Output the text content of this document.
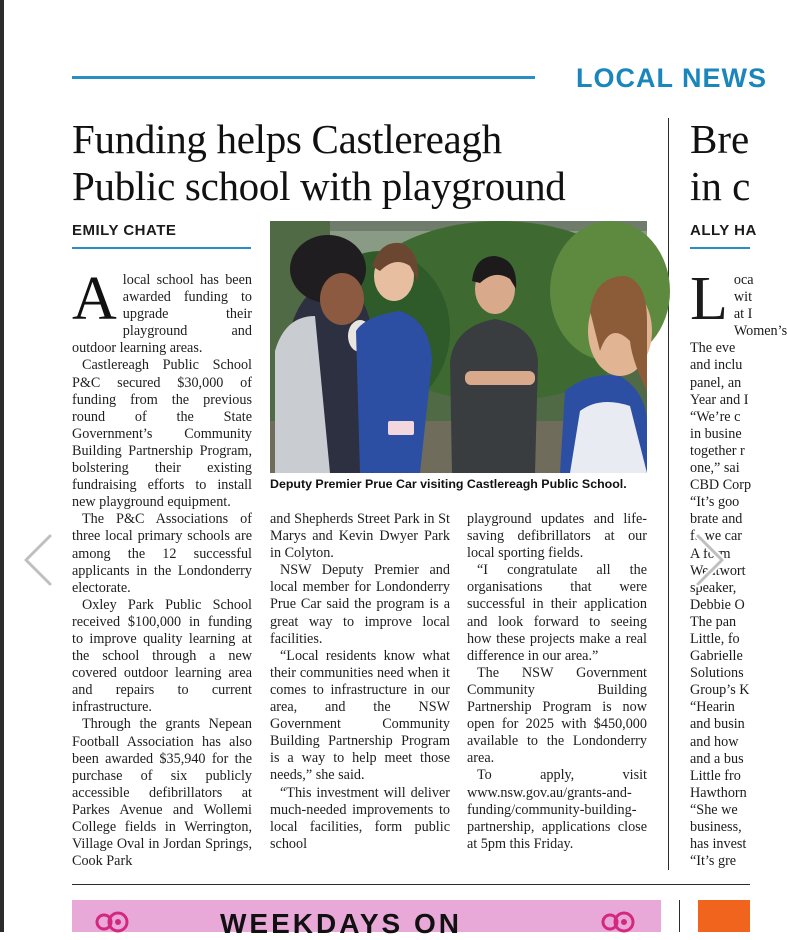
LOCAL NEWS
Funding helps Castlereagh
Public school with playground
EMILY CHATE
Deputy Premier Prue Car visiting Castlereagh Public School.

Alocal school has been awarded funding to upgrade their playground and outdoor learning areas.

Castlereagh Public School P&C secured $30,000 of funding from the previous round of the State Government’s Community Building Partnership Program, bolstering their existing fundraising efforts to install new playground equipment.

The P&C Associations of three local primary schools are among the 12 successful applicants in the Londonderry electorate.

Oxley Park Public School received $100,000 in funding to improve quality learning at the school through a new covered outdoor learning area and repairs to current infrastructure.

Through the grants Nepean Football Association has also been awarded $35,940 for the purchase of six publicly accessible defibrillators at Parkes Avenue and Wollemi College fields in Werrington, Village Oval in Jordan Springs, Cook Park

and Shepherds Street Park in St Marys and Kevin Dwyer Park in Colyton.

NSW Deputy Premier and local member for Londonderry Prue Car said the program is a great way to improve local facilities.

“Local residents know what their communities need when it comes to infrastructure in our area, and the NSW Government Community Building Partnership Program is a way to help meet those needs,” she said.

“This investment will deliver much-needed improvements to local facilities, form public school

playground updates and life-saving defibrillators at our local sporting fields.

“I congratulate all the organisations that were successful in their application and look forward to seeing how these projects make a real difference in our area.”

The NSW Government Community Building Partnership Program is now open for 2025 with $450,000 available to the Londonderry area.

To apply, visit www.nsw.gov.au/grants-and-funding/community-building-partnership, applications close at 5pm this Friday.

Bre
in c
ALLY HA
L oca
wit
at I
Women’s
The eve
and inclu
panel, an
Year and I
“We’re c
in busine
together r
one,” sai
CBD Corp
“It’s goo
brate and
fa we car
A form
Wentwort
speaker,
Debbie O
The pan
Little, fo
Gabrielle
Solutions
Group’s K
“Hearin
and busin
and how
and a bus
Little fro
Hawthorn
“She we
business,
has invest
“It’s gre
WEEKDAYS ON
